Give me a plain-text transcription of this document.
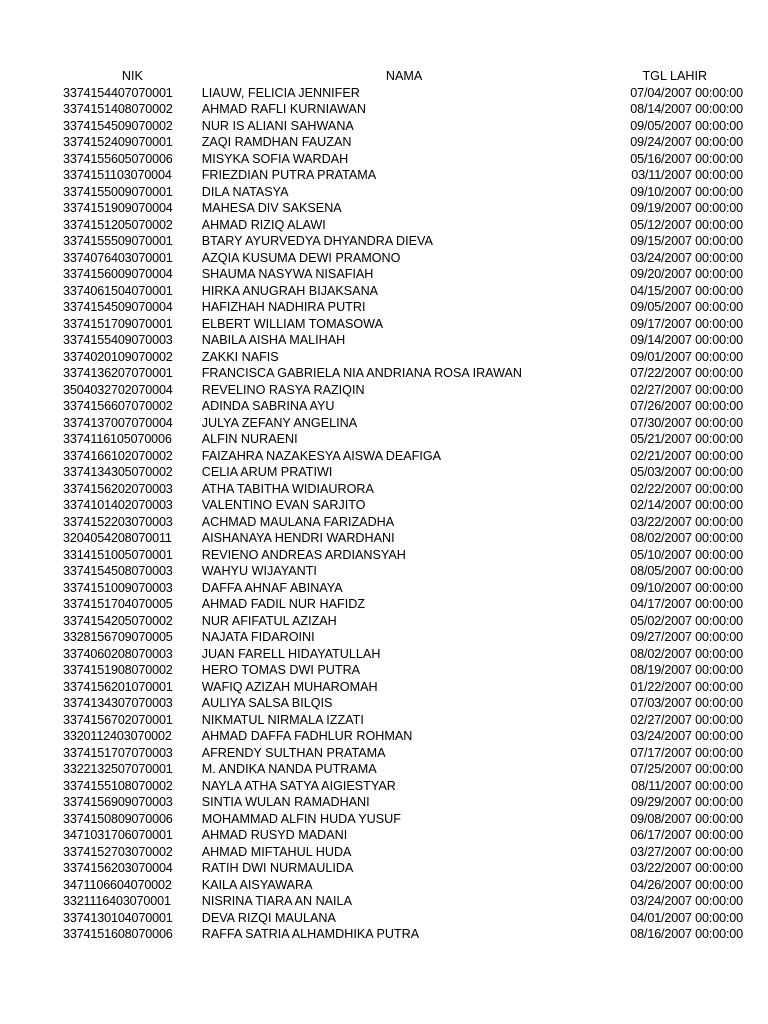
NIK	NAMA	TGL LAHIR
3374154407070001	LIAUW, FELICIA JENNIFER	07/04/2007 00:00:00
3374151408070002	AHMAD RAFLI KURNIAWAN	08/14/2007 00:00:00
3374154509070002	NUR IS ALIANI SAHWANA	09/05/2007 00:00:00
3374152409070001	ZAQI RAMDHAN FAUZAN	09/24/2007 00:00:00
3374155605070006	MISYKA SOFIA WARDAH	05/16/2007 00:00:00
3374151103070004	FRIEZDIAN PUTRA PRATAMA	03/11/2007 00:00:00
3374155009070001	DILA NATASYA	09/10/2007 00:00:00
3374151909070004	MAHESA DIV SAKSENA	09/19/2007 00:00:00
3374151205070002	AHMAD RIZIQ ALAWI	05/12/2007 00:00:00
3374155509070001	BTARY AYURVEDYA DHYANDRA DIEVA	09/15/2007 00:00:00
3374076403070001	AZQIA KUSUMA DEWI PRAMONO	03/24/2007 00:00:00
3374156009070004	SHAUMA NASYWA NISAFIAH	09/20/2007 00:00:00
3374061504070001	HIRKA ANUGRAH BIJAKSANA	04/15/2007 00:00:00
3374154509070004	HAFIZHAH NADHIRA PUTRI	09/05/2007 00:00:00
3374151709070001	ELBERT WILLIAM TOMASOWA	09/17/2007 00:00:00
3374155409070003	NABILA AISHA MALIHAH	09/14/2007 00:00:00
3374020109070002	ZAKKI NAFIS	09/01/2007 00:00:00
3374136207070001	FRANCISCA GABRIELA NIA ANDRIANA ROSA IRAWAN	07/22/2007 00:00:00
3504032702070004	REVELINO RASYA RAZIQIN	02/27/2007 00:00:00
3374156607070002	ADINDA SABRINA AYU	07/26/2007 00:00:00
3374137007070004	JULYA ZEFANY ANGELINA	07/30/2007 00:00:00
3374116105070006	ALFIN NURAENI	05/21/2007 00:00:00
3374166102070002	FAIZAHRA NAZAKESYA AISWA DEAFIGA	02/21/2007 00:00:00
3374134305070002	CELIA ARUM PRATIWI	05/03/2007 00:00:00
3374156202070003	ATHA TABITHA WIDIAURORA	02/22/2007 00:00:00
3374101402070003	VALENTINO EVAN SARJITO	02/14/2007 00:00:00
3374152203070003	ACHMAD MAULANA FARIZADHA	03/22/2007 00:00:00
3204054208070011	AISHANAYA HENDRI WARDHANI	08/02/2007 00:00:00
3314151005070001	REVIENO ANDREAS ARDIANSYAH	05/10/2007 00:00:00
3374154508070003	WAHYU WIJAYANTI	08/05/2007 00:00:00
3374151009070003	DAFFA AHNAF ABINAYA	09/10/2007 00:00:00
3374151704070005	AHMAD FADIL NUR HAFIDZ	04/17/2007 00:00:00
3374154205070002	NUR AFIFATUL AZIZAH	05/02/2007 00:00:00
3328156709070005	NAJATA FIDAROINI	09/27/2007 00:00:00
3374060208070003	JUAN FARELL HIDAYATULLAH	08/02/2007 00:00:00
3374151908070002	HERO TOMAS DWI PUTRA	08/19/2007 00:00:00
3374156201070001	WAFIQ AZIZAH MUHAROMAH	01/22/2007 00:00:00
3374134307070003	AULIYA SALSA BILQIS	07/03/2007 00:00:00
3374156702070001	NIKMATUL NIRMALA IZZATI	02/27/2007 00:00:00
3320112403070002	AHMAD DAFFA FADHLUR ROHMAN	03/24/2007 00:00:00
3374151707070003	AFRENDY SULTHAN PRATAMA	07/17/2007 00:00:00
3322132507070001	M. ANDIKA NANDA PUTRAMA	07/25/2007 00:00:00
3374155108070002	NAYLA ATHA SATYA AIGIESTYAR	08/11/2007 00:00:00
3374156909070003	SINTIA WULAN RAMADHANI	09/29/2007 00:00:00
3374150809070006	MOHAMMAD ALFIN HUDA YUSUF	09/08/2007 00:00:00
3471031706070001	AHMAD RUSYD MADANI	06/17/2007 00:00:00
3374152703070002	AHMAD MIFTAHUL HUDA	03/27/2007 00:00:00
3374156203070004	RATIH DWI NURMAULIDA	03/22/2007 00:00:00
3471106604070002	KAILA AISYAWARA	04/26/2007 00:00:00
3321116403070001	NISRINA TIARA AN NAILA	03/24/2007 00:00:00
3374130104070001	DEVA RIZQI MAULANA	04/01/2007 00:00:00
3374151608070006	RAFFA SATRIA ALHAMDHIKA PUTRA	08/16/2007 00:00:00
